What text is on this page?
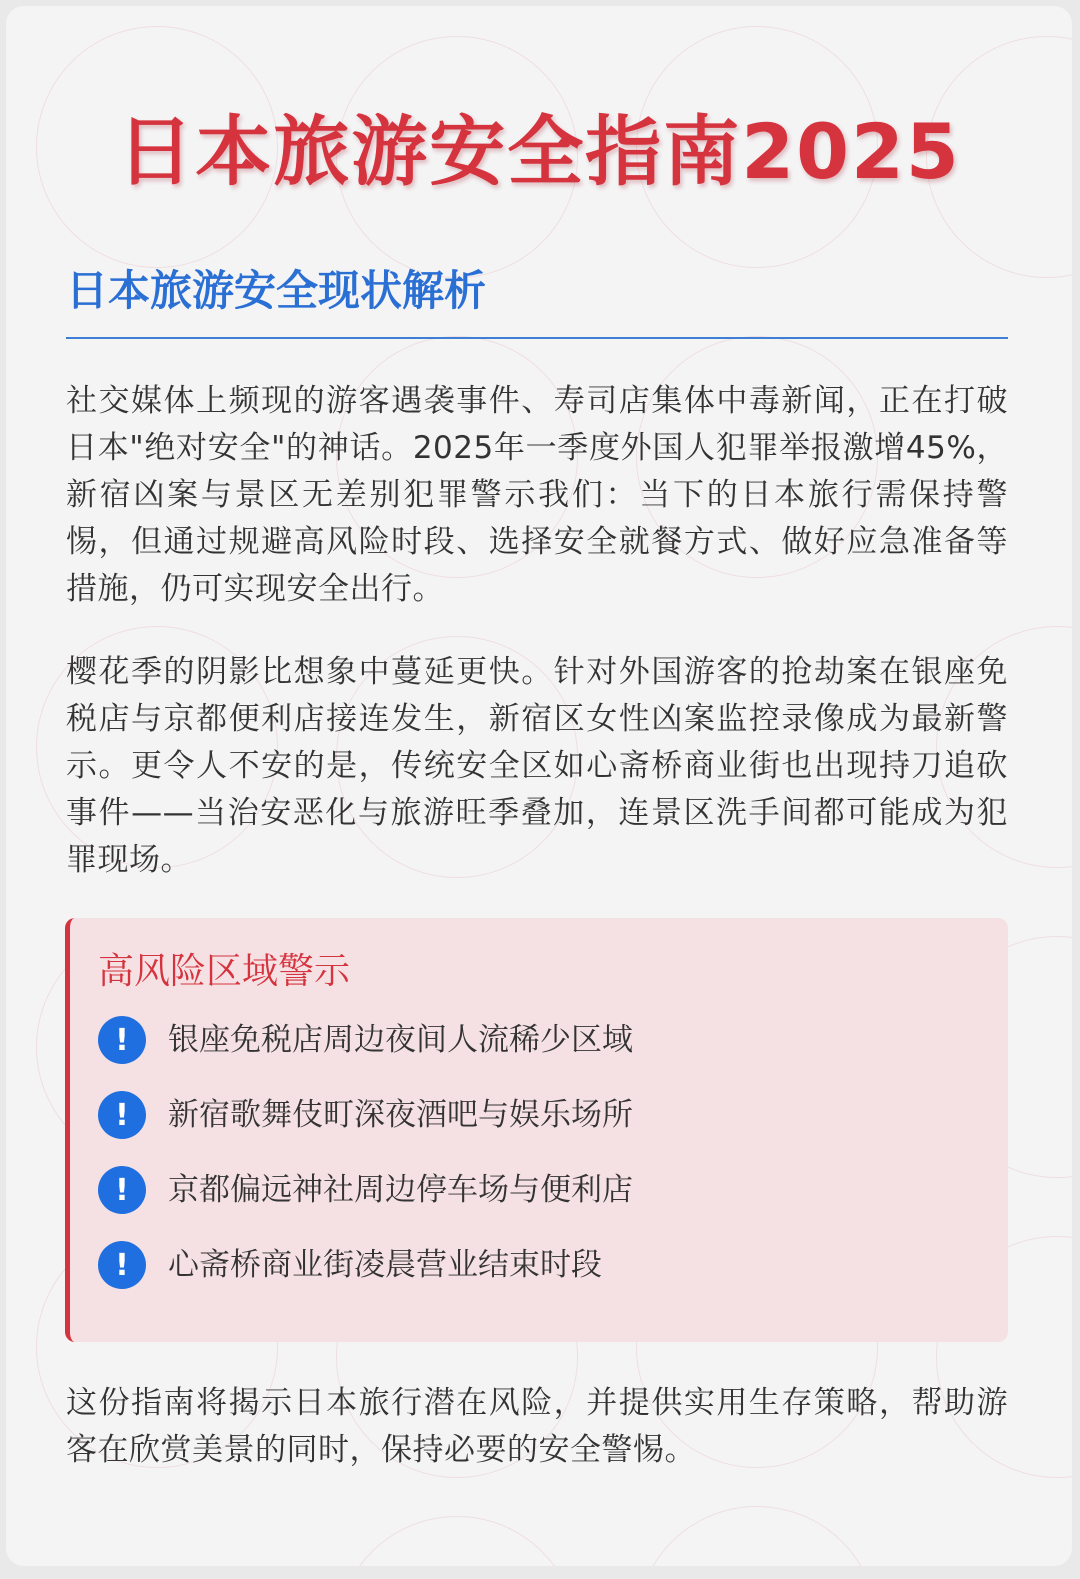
日本旅游安全指南2025
日本旅游安全现状解析

社交媒体上频现的游客遇袭事件、寿司店集体中毒新闻，正在打破日本"绝对安全"的神话。2025年一季度外国人犯罪举报激增45%，新宿凶案与景区无差别犯罪警示我们：当下的日本旅行需保持警惕，但通过规避高风险时段、选择安全就餐方式、做好应急准备等措施，仍可实现安全出行。

樱花季的阴影比想象中蔓延更快。针对外国游客的抢劫案在银座免税店与京都便利店接连发生，新宿区女性凶案监控录像成为最新警示。更令人不安的是，传统安全区如心斋桥商业街也出现持刀追砍事件——当治安恶化与旅游旺季叠加，连景区洗手间都可能成为犯罪现场。

高风险区域警示
!	银座免税店周边夜间人流稀少区域
!	新宿歌舞伎町深夜酒吧与娱乐场所
!	京都偏远神社周边停车场与便利店
!	心斋桥商业街凌晨营业结束时段

这份指南将揭示日本旅行潜在风险，并提供实用生存策略，帮助游客在欣赏美景的同时，保持必要的安全警惕。
